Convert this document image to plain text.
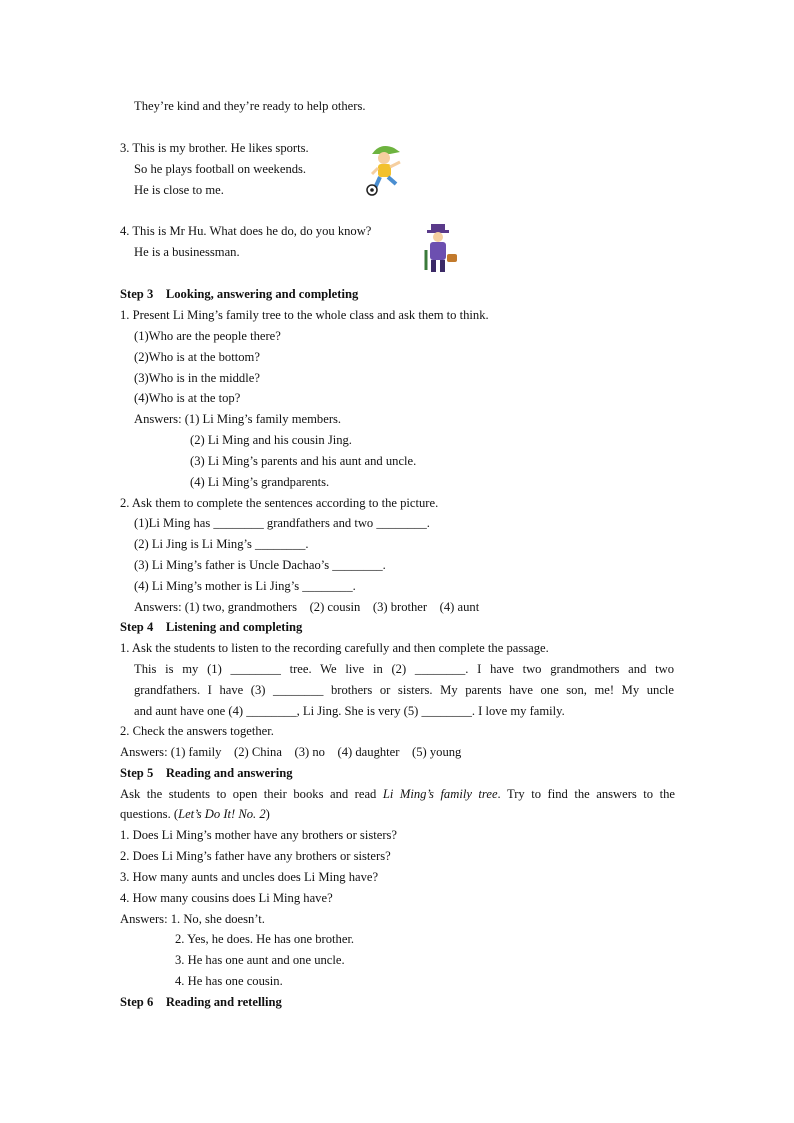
They’re kind and they’re ready to help others.
3. This is my brother. He likes sports.
So he plays football on weekends.
He is close to me.
4. This is Mr Hu. What does he do, do you know?
He is a businessman.
Step 3　Looking, answering and completing
1. Present Li Ming’s family tree to the whole class and ask them to think.
(1)Who are the people there?
(2)Who is at the bottom?
(3)Who is in the middle?
(4)Who is at the top?
Answers: (1) Li Ming’s family members.
(2) Li Ming and his cousin Jing.
(3) Li Ming’s parents and his aunt and uncle.
(4) Li Ming’s grandparents.
2. Ask them to complete the sentences according to the picture.
(1)Li Ming has ________ grandfathers and two ________.
(2) Li Jing is Li Ming’s ________.
(3) Li Ming’s father is Uncle Dachao’s ________.
(4) Li Ming’s mother is Li Jing’s ________.
Answers: (1) two, grandmothers　(2) cousin　(3) brother　(4) aunt
Step 4　Listening and completing
1. Ask the students to listen to the recording carefully and then complete the passage.
This is my (1) ________ tree. We live in (2) ________. I have two grandmothers and two
grandfathers. I have (3) ________ brothers or sisters. My parents have one son, me! My uncle
and aunt have one (4) ________, Li Jing. She is very (5) ________. I love my family.
2. Check the answers together.
Answers: (1) family　(2) China　(3) no　(4) daughter　(5) young
Step 5　Reading and answering
Ask the students to open their books and read Li Ming’s family tree. Try to find the answers to the
questions. (Let’s Do It! No. 2)
1. Does Li Ming’s mother have any brothers or sisters?
2. Does Li Ming’s father have any brothers or sisters?
3. How many aunts and uncles does Li Ming have?
4. How many cousins does Li Ming have?
Answers: 1. No, she doesn’t.
2. Yes, he does. He has one brother.
3. He has one aunt and one uncle.
4. He has one cousin.
Step 6　Reading and retelling
